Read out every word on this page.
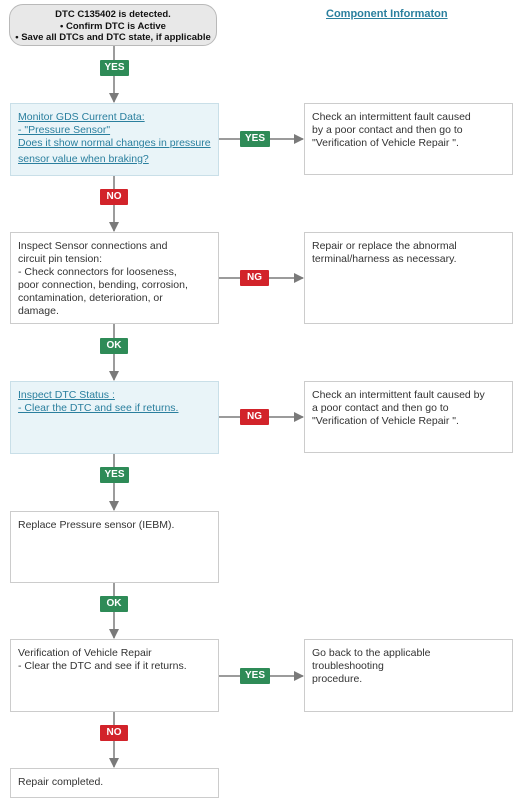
DTC C135402 is detected.
• Confirm DTC is Active
• Save all DTCs and DTC state, if applicable
Component Informaton
Monitor GDS Current Data:
- "Pressure Sensor"
Does it show normal changes in pressure
sensor value when braking?
Inspect Sensor connections and
circuit pin tension:
- Check connectors for looseness,
poor connection, bending, corrosion,
contamination, deterioration, or
damage.
Inspect DTC Status :
- Clear the DTC and see if returns.
Replace Pressure sensor (IEBM).
Verification of Vehicle Repair
- Clear the DTC and see if it returns.
Repair completed.
Check an intermittent fault caused
by a poor contact and then go to
"Verification of Vehicle Repair ".
Repair or replace the abnormal
terminal/harness as necessary.
Check an intermittent fault caused by
a poor contact and then go to
"Verification of Vehicle Repair ".
Go back to the applicable troubleshooting
procedure.
YES
NO
OK
YES
OK
NO
YES
NG
NG
YES
